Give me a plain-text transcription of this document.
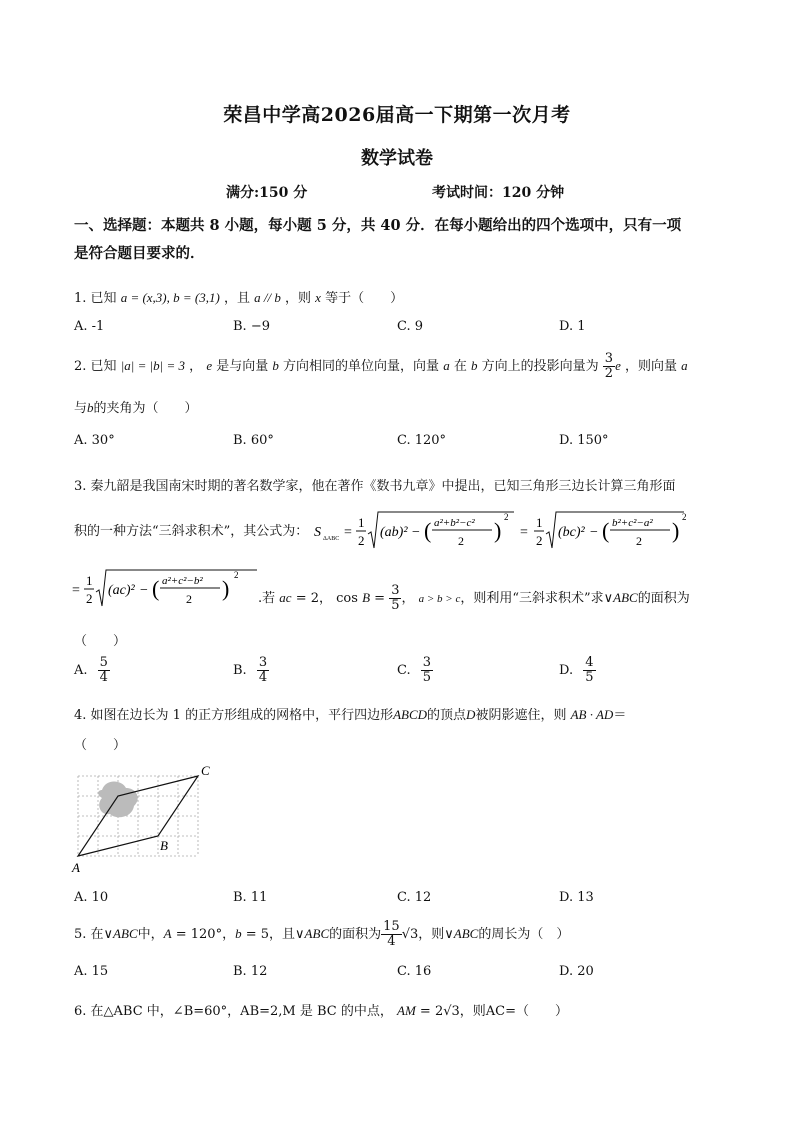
荣昌中学高2026届高一下期第一次月考
数学试卷
满分:150 分	考试时间：120 分钟
一、选择题：本题共 8 小题，每小题 5 分，共 40 分．在每小题给出的四个选项中，只有一项
是符合题目要求的．
1. 已知 a = (x,3), b = (3,1) ，且 a // b ，则 x 等于（　　）
A. -1	B. −9	C. 9	D. 1
2. 已知 |a| = |b| = 3 ， e 是与向量 b 方向相同的单位向量，向量 a 在 b 方向上的投影向量为 $\frac{3}{2}$ e ，则向量 a
与b的夹角为（　　）
A. 30°	B. 60°	C. 120°	D. 150°
3. 秦九韶是我国南宋时期的著名数学家，他在著作《数书九章》中提出，已知三角形三边长计算三角形面
积的一种方法“三斜求积术”，其公式为： S ΔABC =
1
2
(ab)² − ( a²+b²−c²
2 )
2
=
1
2
(bc)² − ( b²+c²−a²
2 )
2
=
1
2
(ac)² − ( a²+c²−b²
2 )
2
.若 ac = 2， $\cos B = \frac{3}{5}$ ， a > b > c，则利用“三斜求积术”求∨ABC的面积为
（　　）
A. $\frac{5}{4}$	B. $\frac{3}{4}$	C. $\frac{3}{5}$	D. $\frac{4}{5}$
4. 如图在边长为 1 的正方形组成的网格中，平行四边形ABCD的顶点D被阴影遮住，则 AB · AD＝
（　　）
A
B
C
A. 10	B. 11	C. 12	D. 13
5. 在∨ABC中，A = 120°，b = 5，且∨ABC的面积为 $\frac{15}{4} √3$，则∨ABC的周长为（　）
A. 15	B. 12	C. 16	D. 20
6. 在△ABC 中，∠B=60°，AB=2,M 是 BC 的中点， AM = 2√3，则AC=（　　）
